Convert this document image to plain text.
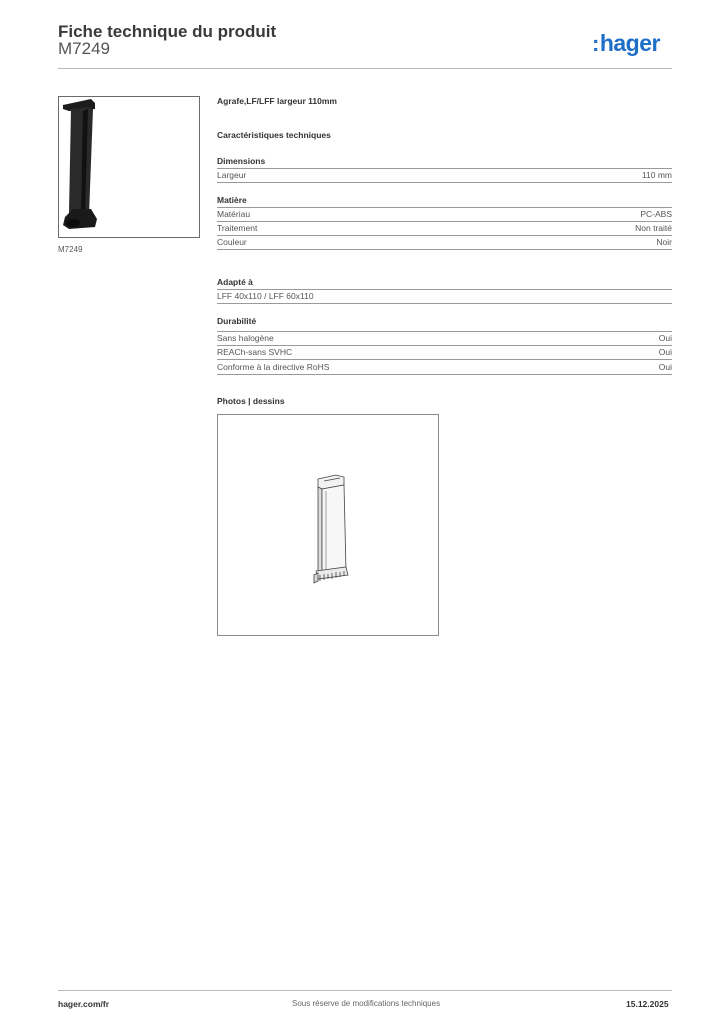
Fiche technique du produit
M7249	:hager
M7249
Agrafe,LF/LFF largeur 110mm
Caractéristiques techniques
Dimensions
Largeur	110 mm
Matière
Matériau	PC-ABS
Traitement	Non traité
Couleur	Noir
Adapté à
LFF 40x110 / LFF 60x110
Durabilité
Sans halogène	Oui
REACh-sans SVHC	Oui
Conforme à la directive RoHS	Oui
Photos | dessins
hager.com/fr	Sous réserve de modifications techniques	15.12.2025
